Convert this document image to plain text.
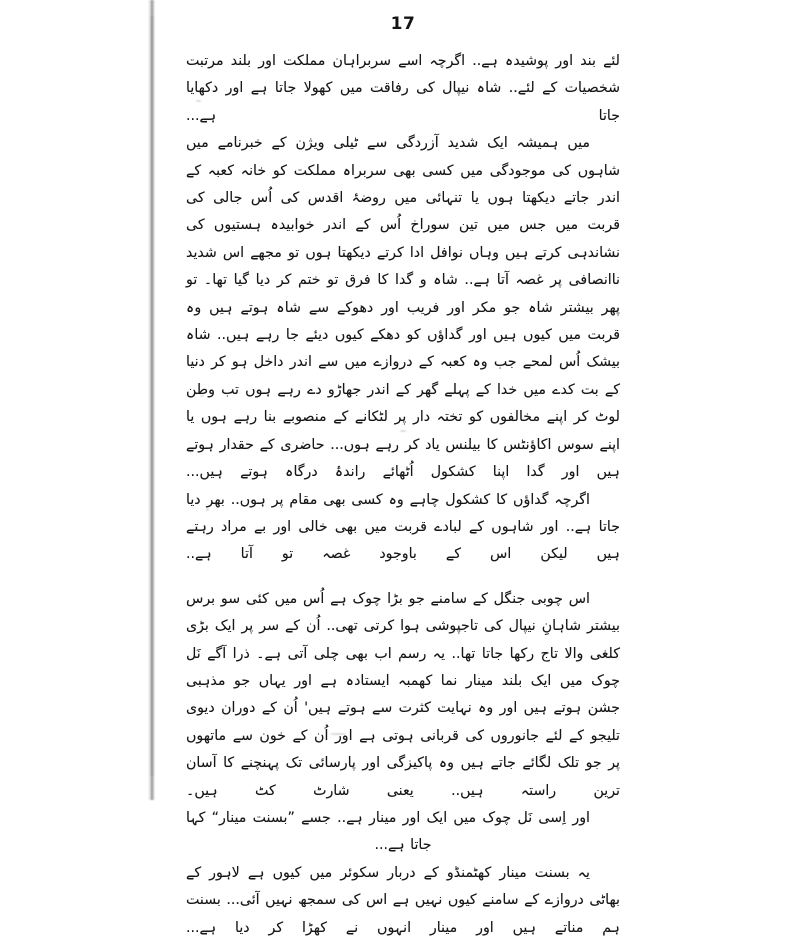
17

لئے بند اور پوشیدہ ہے.. اگرچہ اسے سربراہان مملکت اور بلند مرتبت شخصیات کے لئے.. شاہ نیپال کی رفاقت میں کھولا جاتا ہے اور دکھایا جاتا ہے...

میں ہمیشہ ایک شدید آزردگی سے ٹیلی ویژن کے خبرنامے میں شاہوں کی موجودگی میں کسی بھی سربراہ مملکت کو خانہ کعبہ کے اندر جاتے دیکھتا ہوں یا تنہائی میں روضۂ اقدس کی اُس جالی کی قربت میں جس میں تین سوراخ اُس کے اندر خوابیدہ ہستیوں کی نشاندہی کرتے ہیں وہاں نوافل ادا کرتے دیکھتا ہوں تو مجھے اس شدید ناانصافی پر غصہ آتا ہے.. شاہ و گدا کا فرق تو ختم کر دیا گیا تھا۔ تو پھر بیشتر شاہ جو مکر اور فریب اور دھوکے سے شاہ ہوتے ہیں وہ قربت میں کیوں ہیں اور گداؤں کو دھکے کیوں دیئے جا رہے ہیں.. شاہ بیشک اُس لمحے جب وہ کعبہ کے دروازے میں سے اندر داخل ہو کر دنیا کے بت کدے میں خدا کے پہلے گھر کے اندر جھاڑو دے رہے ہوں تب وطن لوٹ کر اپنے مخالفوں کو تختہ دار پر لٹکانے کے منصوبے بنا رہے ہوں یا اپنے سوس اکاؤنٹس کا بیلنس یاد کر رہے ہوں... حاضری کے حقدار ہوتے ہیں اور گدا اپنا کشکول اُٹھائے راندۂ درگاہ ہوتے ہیں...

اگرچہ گداؤں کا کشکول چاہے وہ کسی بھی مقام پر ہوں.. بھر دیا جاتا ہے.. اور شاہوں کے لبادے قربت میں بھی خالی اور بے مراد رہتے ہیں لیکن اس کے باوجود غصہ تو آتا ہے..

اس چوبی جنگل کے سامنے جو بڑا چوک ہے اُس میں کئی سو برس بیشتر شاہانِ نیپال کی تاجپوشی ہوا کرتی تھی.. اُن کے سر پر ایک بڑی کلغی والا تاج رکھا جاتا تھا.. یہ رسم اب بھی چلی آتی ہے۔ ذرا آگے نَل چوک میں ایک بلند مینار نما کھمبہ ایستادہ ہے اور یہاں جو مذہبی جشن ہوتے ہیں اور وہ نہایت کثرت سے ہوتے ہیں' اُن کے دوران دیوی تلیجو کے لئے جانوروں کی قربانی ہوتی ہے اور اُن کے خون سے ماتھوں پر جو تلک لگائے جاتے ہیں وہ پاکیزگی اور پارسائی تک پہنچنے کا آسان ترین راستہ ہیں.. یعنی شارٹ کٹ ہیں۔

اور اِسی نَل چوک میں ایک اور مینار ہے.. جسے ”بسنت مینار“ کہا جاتا ہے...

یہ بسنت مینار کھٹمنڈو کے دربار سکوئر میں کیوں ہے لاہور کے بھاٹی دروازے کے سامنے کیوں نہیں ہے اس کی سمجھ نہیں آئی... بسنت ہم مناتے ہیں اور مینار انہوں نے کھڑا کر دیا ہے...
